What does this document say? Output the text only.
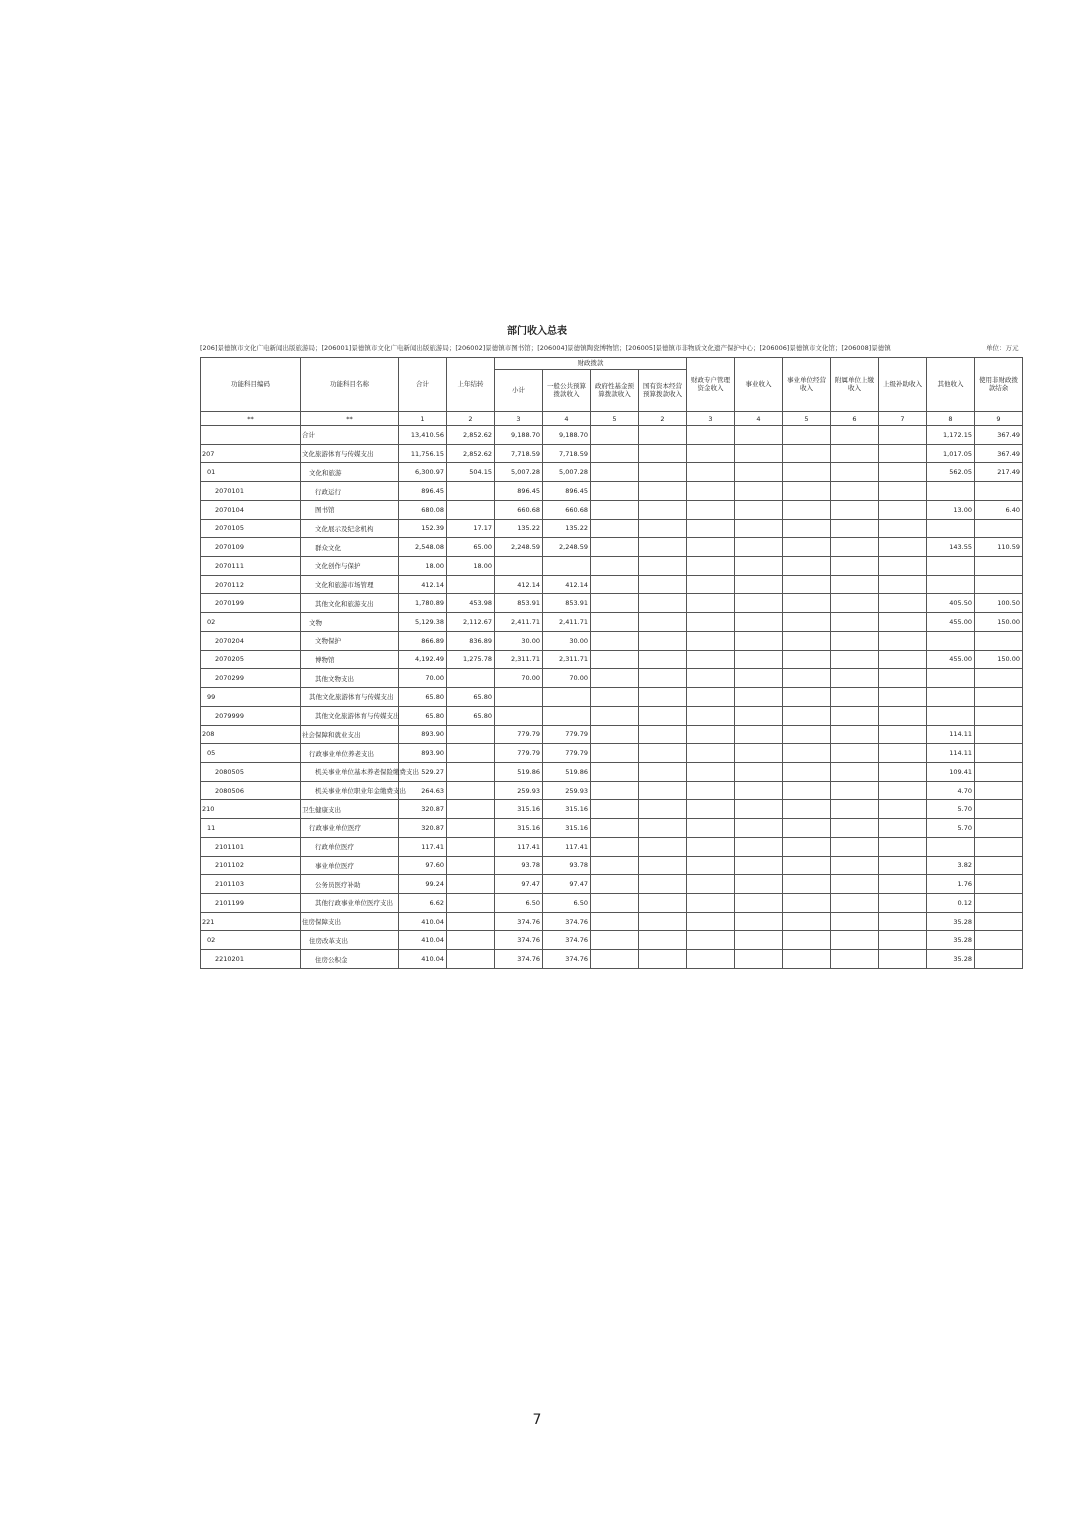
部门收入总表
[206]景德镇市文化广电新闻出版旅游局；[206001]景德镇市文化广电新闻出版旅游局；[206002]景德镇市图书馆；[206004]景德镇陶瓷博物馆；[206005]景德镇市非物质文化遗产保护中心；[206006]景德镇市文化馆；[206008]景德镇	单位：万元
功能科目编码	功能科目名称	合计	上年结转	财政拨款				财政专户管理资金收入	事业收入	事业单位经营收入	附属单位上缴收入	上级补助收入	其他收入	使用非财政拨款结余
				小计	一般公共预算拨款收入	政府性基金预算拨款收入	国有资本经营预算拨款收入							
**	**	1	2	3	4	5	2	3	4	5	6	7	8	9
	合计	13,410.56	2,852.62	9,188.70	9,188.70								1,172.15	367.49
207	文化旅游体育与传媒支出	11,756.15	2,852.62	7,718.59	7,718.59								1,017.05	367.49
01	文化和旅游	6,300.97	504.15	5,007.28	5,007.28								562.05	217.49
2070101	行政运行	896.45		896.45	896.45									
2070104	图书馆	680.08		660.68	660.68								13.00	6.40
2070105	文化展示及纪念机构	152.39	17.17	135.22	135.22									
2070109	群众文化	2,548.08	65.00	2,248.59	2,248.59								143.55	110.59
2070111	文化创作与保护	18.00	18.00											
2070112	文化和旅游市场管理	412.14		412.14	412.14									
2070199	其他文化和旅游支出	1,780.89	453.98	853.91	853.91								405.50	100.50
02	文物	5,129.38	2,112.67	2,411.71	2,411.71								455.00	150.00
2070204	文物保护	866.89	836.89	30.00	30.00									
2070205	博物馆	4,192.49	1,275.78	2,311.71	2,311.71								455.00	150.00
2070299	其他文物支出	70.00		70.00	70.00									
99	其他文化旅游体育与传媒支出	65.80	65.80											
2079999	其他文化旅游体育与传媒支出	65.80	65.80											
208	社会保障和就业支出	893.90		779.79	779.79								114.11	
05	行政事业单位养老支出	893.90		779.79	779.79								114.11	
2080505	机关事业单位基本养老保险缴费支出	529.27		519.86	519.86								109.41	
2080506	机关事业单位职业年金缴费支出	264.63		259.93	259.93								4.70	
210	卫生健康支出	320.87		315.16	315.16								5.70	
11	行政事业单位医疗	320.87		315.16	315.16								5.70	
2101101	行政单位医疗	117.41		117.41	117.41									
2101102	事业单位医疗	97.60		93.78	93.78								3.82	
2101103	公务员医疗补助	99.24		97.47	97.47								1.76	
2101199	其他行政事业单位医疗支出	6.62		6.50	6.50								0.12	
221	住房保障支出	410.04		374.76	374.76								35.28	
02	住房改革支出	410.04		374.76	374.76								35.28	
2210201	住房公积金	410.04		374.76	374.76								35.28	
7
